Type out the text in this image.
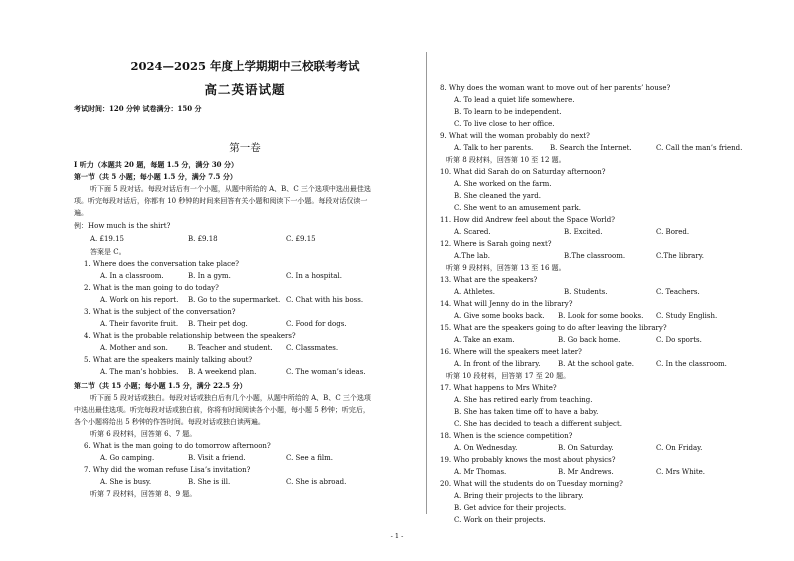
2024—2025 年度上学期期中三校联考考试
高二英语试题
考试时间：120 分钟 试卷满分：150 分
第一卷
I 听力（本题共 20 题，每题 1.5 分，满分 30 分）
第一节（共 5 小题；每小题 1.5 分，满分 7.5 分）
听下面 5 段对话。每段对话后有一个小题，从题中所给的 A、B、C 三个选项中选出最佳选
项。听完每段对话后，你都有 10 秒钟的时间来回答有关小题和阅读下一小题。每段对话仅读一
遍。
例：How much is the shirt?
A. £19.15	B. £9.18	C. £9.15
答案是 C。
1. Where does the conversation take place?
A. In a classroom.	B. In a gym.	C. In a hospital.
2. What is the man going to do today?
A. Work on his report. B. Go to the supermarket. C. Chat with his boss.
3. What is the subject of the conversation?
A. Their favorite fruit. B. Their pet dog.	C. Food for dogs.
4. What is the probable relationship between the speakers?
A. Mother and son.	B. Teacher and student. C. Classmates.
5. What are the speakers mainly talking about?
A. The man’s hobbies. B. A weekend plan.	C. The woman’s ideas.
第二节（共 15 小题；每小题 1.5 分，满分 22.5 分）
听下面 5 段对话或独白。每段对话或独白后有几个小题，从题中所给的 A、B、C 三个选项
中选出最佳选项。听完每段对话或独白前，你将有时间阅读各个小题，每小题 5 秒钟；听完后，
各个小题将给出 5 秒钟的作答时间。每段对话或独白读两遍。
听第 6 段材料，回答第 6、7 题。
6. What is the man going to do tomorrow afternoon?
A. Go camping.	B. Visit a friend.	C. See a film.
7. Why did the woman refuse Lisa’s invitation?
A. She is busy.	B. She is ill.	C. She is abroad.
听第 7 段材料，回答第 8、9 题。
8. Why does the woman want to move out of her parents’ house?
A. To lead a quiet life somewhere.
B. To learn to be independent.
C. To live close to her office.
9. What will the woman probably do next?
A. Talk to her parents. B. Search the Internet.	C. Call the man’s friend.
听第 8 段材料，回答第 10 至 12 题。
10. What did Sarah do on Saturday afternoon?
A. She worked on the farm.
B. She cleaned the yard.
C. She went to an amusement park.
11. How did Andrew feel about the Space World?
A. Scared.	B. Excited.	C. Bored.
12. Where is Sarah going next?
A.The lab.	B.The classroom.	C.The library.
听第 9 段材料，回答第 13 至 16 题。
13. What are the speakers?
A. Athletes.	B. Students.	C. Teachers.
14. What will Jenny do in the library?
A. Give some books back. B. Look for some books. C. Study English.
15. What are the speakers going to do after leaving the library?
A. Take an exam.	B. Go back home.	C. Do sports.
16. Where will the speakers meet later?
A. In front of the library.	B. At the school gate.	C. In the classroom.
听第 10 段材料，回答第 17 至 20 题。
17. What happens to Mrs White?
A. She has retired early from teaching.
B. She has taken time off to have a baby.
C. She has decided to teach a different subject.
18. When is the science competition?
A. On Wednesday.	B. On Saturday.	C. On Friday.
19. Who probably knows the most about physics?
A. Mr Thomas.	B. Mr Andrews.	C. Mrs White.
20. What will the students do on Tuesday morning?
A. Bring their projects to the library.
B. Get advice for their projects.
C. Work on their projects.
- 1 -
